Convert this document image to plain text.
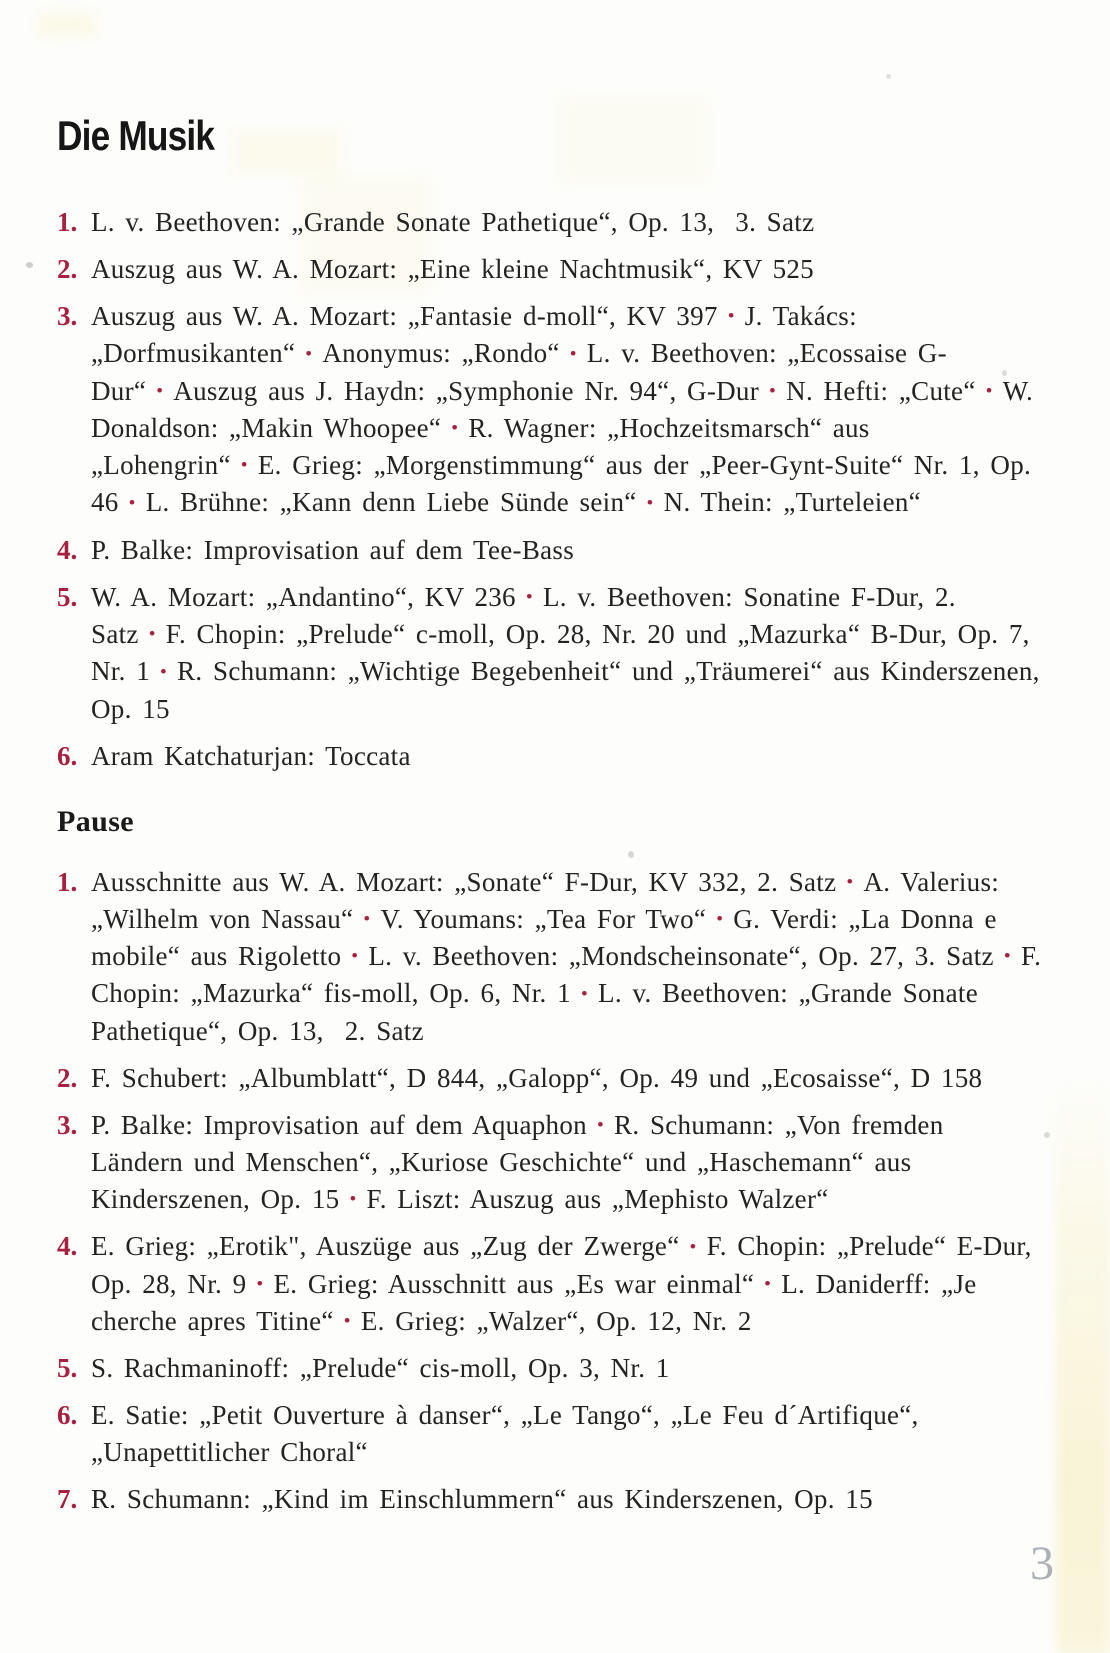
Die Musik
1. L. v. Beethoven: „Grande Sonate Pathetique“, Op. 13,  3. Satz
2. Auszug aus W. A. Mozart: „Eine kleine Nachtmusik“, KV 525
3. Auszug aus W. A. Mozart: „Fantasie d-moll“, KV 397 • J. Takács: „Dorfmusikanten“ • Anonymus: „Rondo“ • L. v. Beethoven: „Ecossaise G-Dur“ • Auszug aus J. Haydn: „Symphonie Nr. 94“, G-Dur • N. Hefti: „Cute“ • W. Donaldson: „Makin Whoopee“ • R. Wagner: „Hochzeitsmarsch“ aus „Lohengrin“ • E. Grieg: „Morgenstimmung“ aus der „Peer-Gynt-Suite“ Nr. 1, Op. 46 • L. Brühne: „Kann denn Liebe Sünde sein“ • N. Thein: „Turteleien“
4. P. Balke: Improvisation auf dem Tee-Bass
5. W. A. Mozart: „Andantino“, KV 236 • L. v. Beethoven: Sonatine F-Dur, 2. Satz • F. Chopin: „Prelude“ c-moll, Op. 28, Nr. 20 und „Mazurka“ B-Dur, Op. 7, Nr. 1 • R. Schumann: „Wichtige Begebenheit“ und „Träumerei“ aus Kinderszenen, Op. 15
6. Aram Katchaturjan: Toccata
Pause
1. Ausschnitte aus W. A. Mozart: „Sonate“ F-Dur, KV 332, 2. Satz • A. Valerius: „Wilhelm von Nassau“ • V. Youmans: „Tea For Two“ • G. Verdi: „La Donna e mobile“ aus Rigoletto • L. v. Beethoven: „Mondscheinsonate“, Op. 27, 3. Satz • F. Chopin: „Mazurka“ fis-moll, Op. 6, Nr. 1 • L. v. Beethoven: „Grande Sonate Pathetique“, Op. 13,  2. Satz
2. F. Schubert: „Albumblatt“, D 844, „Galopp“, Op. 49 und „Ecosaisse“, D 158
3. P. Balke: Improvisation auf dem Aquaphon • R. Schumann: „Von fremden Ländern und Menschen“, „Kuriose Geschichte“ und „Haschemann“ aus Kinderszenen, Op. 15 • F. Liszt: Auszug aus „Mephisto Walzer“
4. E. Grieg: „Erotik", Auszüge aus „Zug der Zwerge“ • F. Chopin: „Prelude“ E-Dur, Op. 28, Nr. 9 • E. Grieg: Ausschnitt aus „Es war einmal“ • L. Daniderff: „Je cherche apres Titine“ • E. Grieg: „Walzer“, Op. 12, Nr. 2
5. S. Rachmaninoff: „Prelude“ cis-moll, Op. 3, Nr. 1
6. E. Satie: „Petit Ouverture à danser“, „Le Tango“, „Le Feu d´Artifique“, „Unapettitlicher Choral“
7. R. Schumann: „Kind im Einschlummern“ aus Kinderszenen, Op. 15
3
